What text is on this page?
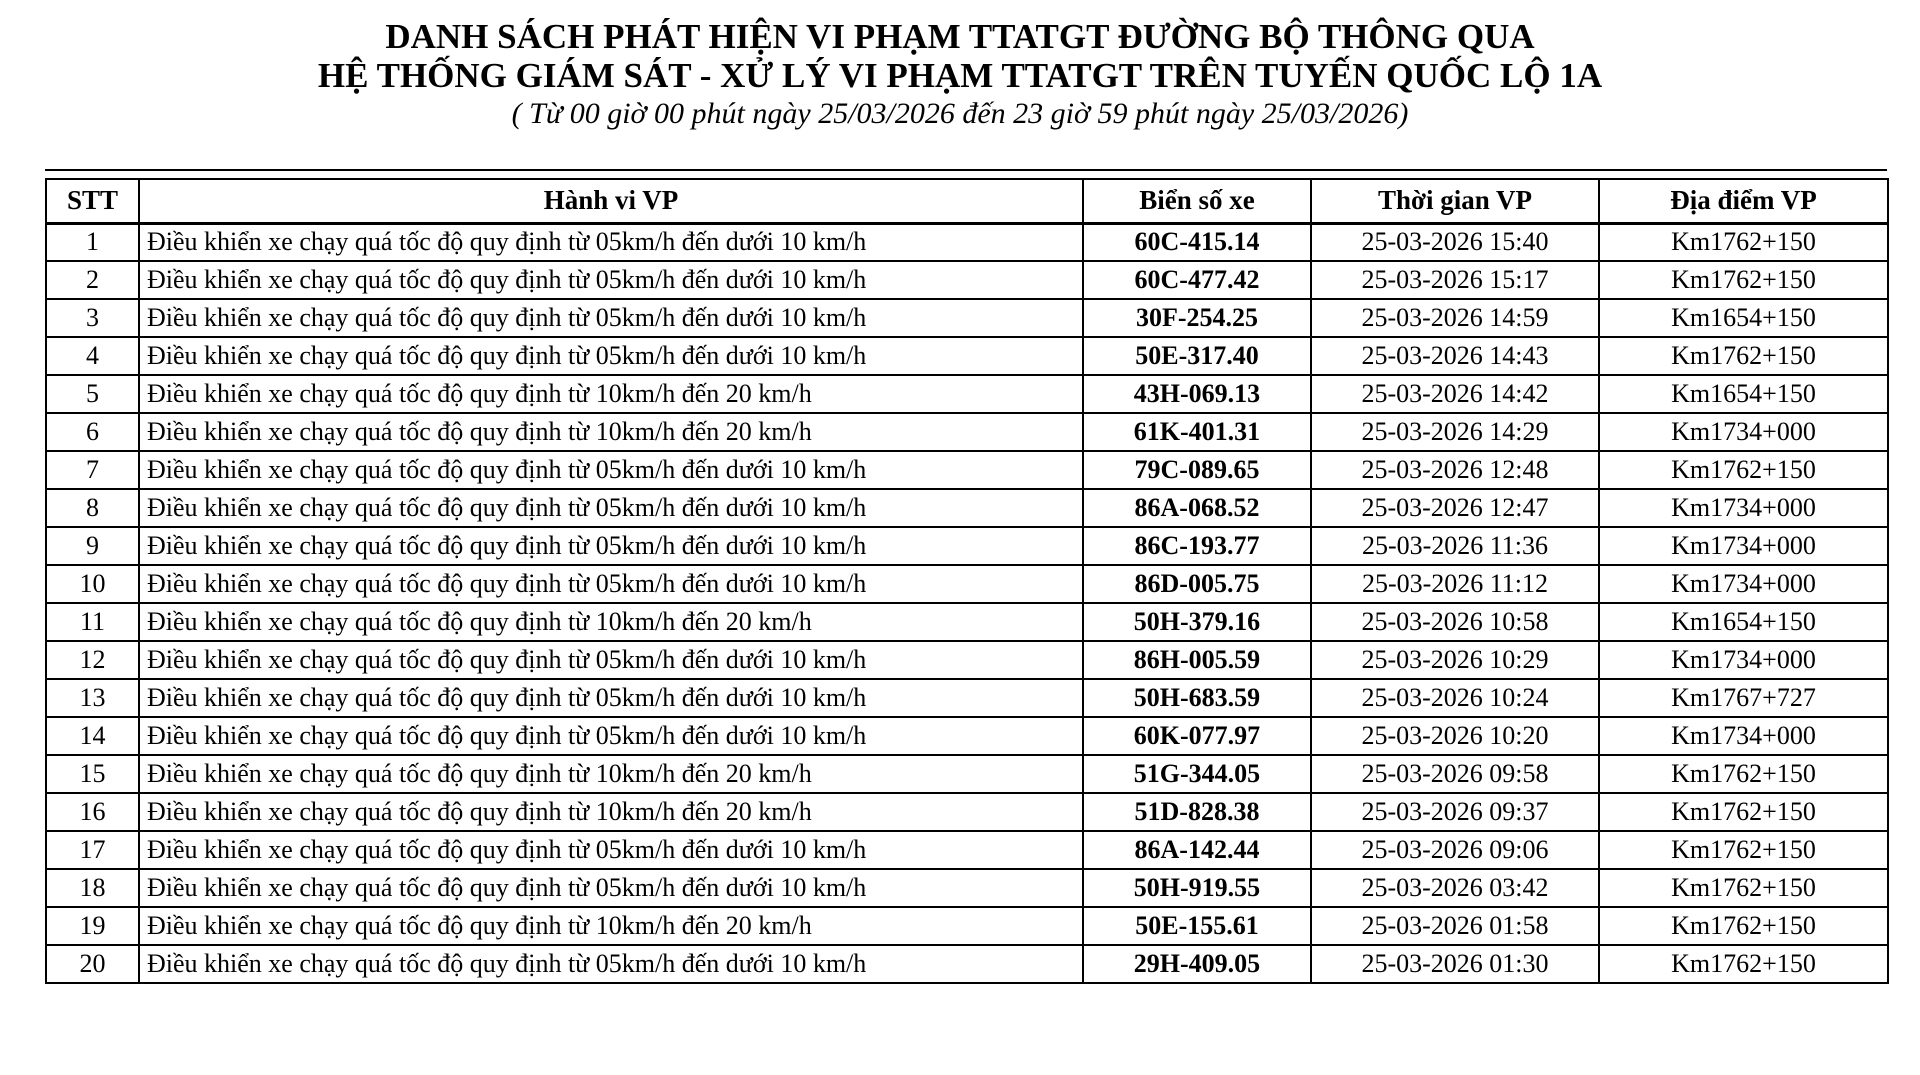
DANH SÁCH PHÁT HIỆN VI PHẠM TTATGT ĐƯỜNG BỘ THÔNG QUA
HỆ THỐNG GIÁM SÁT - XỬ LÝ VI PHẠM TTATGT TRÊN TUYẾN QUỐC LỘ 1A
( Từ 00 giờ 00 phút ngày 25/03/2026 đến 23 giờ 59 phút ngày 25/03/2026)
STT	Hành vi VP	Biển số xe	Thời gian VP	Địa điểm VP
1	Điều khiển xe chạy quá tốc độ quy định từ 05km/h đến dưới 10 km/h	60C-415.14	25-03-2026 15:40	Km1762+150
2	Điều khiển xe chạy quá tốc độ quy định từ 05km/h đến dưới 10 km/h	60C-477.42	25-03-2026 15:17	Km1762+150
3	Điều khiển xe chạy quá tốc độ quy định từ 05km/h đến dưới 10 km/h	30F-254.25	25-03-2026 14:59	Km1654+150
4	Điều khiển xe chạy quá tốc độ quy định từ 05km/h đến dưới 10 km/h	50E-317.40	25-03-2026 14:43	Km1762+150
5	Điều khiển xe chạy quá tốc độ quy định từ 10km/h đến 20 km/h	43H-069.13	25-03-2026 14:42	Km1654+150
6	Điều khiển xe chạy quá tốc độ quy định từ 10km/h đến 20 km/h	61K-401.31	25-03-2026 14:29	Km1734+000
7	Điều khiển xe chạy quá tốc độ quy định từ 05km/h đến dưới 10 km/h	79C-089.65	25-03-2026 12:48	Km1762+150
8	Điều khiển xe chạy quá tốc độ quy định từ 05km/h đến dưới 10 km/h	86A-068.52	25-03-2026 12:47	Km1734+000
9	Điều khiển xe chạy quá tốc độ quy định từ 05km/h đến dưới 10 km/h	86C-193.77	25-03-2026 11:36	Km1734+000
10	Điều khiển xe chạy quá tốc độ quy định từ 05km/h đến dưới 10 km/h	86D-005.75	25-03-2026 11:12	Km1734+000
11	Điều khiển xe chạy quá tốc độ quy định từ 10km/h đến 20 km/h	50H-379.16	25-03-2026 10:58	Km1654+150
12	Điều khiển xe chạy quá tốc độ quy định từ 05km/h đến dưới 10 km/h	86H-005.59	25-03-2026 10:29	Km1734+000
13	Điều khiển xe chạy quá tốc độ quy định từ 05km/h đến dưới 10 km/h	50H-683.59	25-03-2026 10:24	Km1767+727
14	Điều khiển xe chạy quá tốc độ quy định từ 05km/h đến dưới 10 km/h	60K-077.97	25-03-2026 10:20	Km1734+000
15	Điều khiển xe chạy quá tốc độ quy định từ 10km/h đến 20 km/h	51G-344.05	25-03-2026 09:58	Km1762+150
16	Điều khiển xe chạy quá tốc độ quy định từ 10km/h đến 20 km/h	51D-828.38	25-03-2026 09:37	Km1762+150
17	Điều khiển xe chạy quá tốc độ quy định từ 05km/h đến dưới 10 km/h	86A-142.44	25-03-2026 09:06	Km1762+150
18	Điều khiển xe chạy quá tốc độ quy định từ 05km/h đến dưới 10 km/h	50H-919.55	25-03-2026 03:42	Km1762+150
19	Điều khiển xe chạy quá tốc độ quy định từ 10km/h đến 20 km/h	50E-155.61	25-03-2026 01:58	Km1762+150
20	Điều khiển xe chạy quá tốc độ quy định từ 05km/h đến dưới 10 km/h	29H-409.05	25-03-2026 01:30	Km1762+150
